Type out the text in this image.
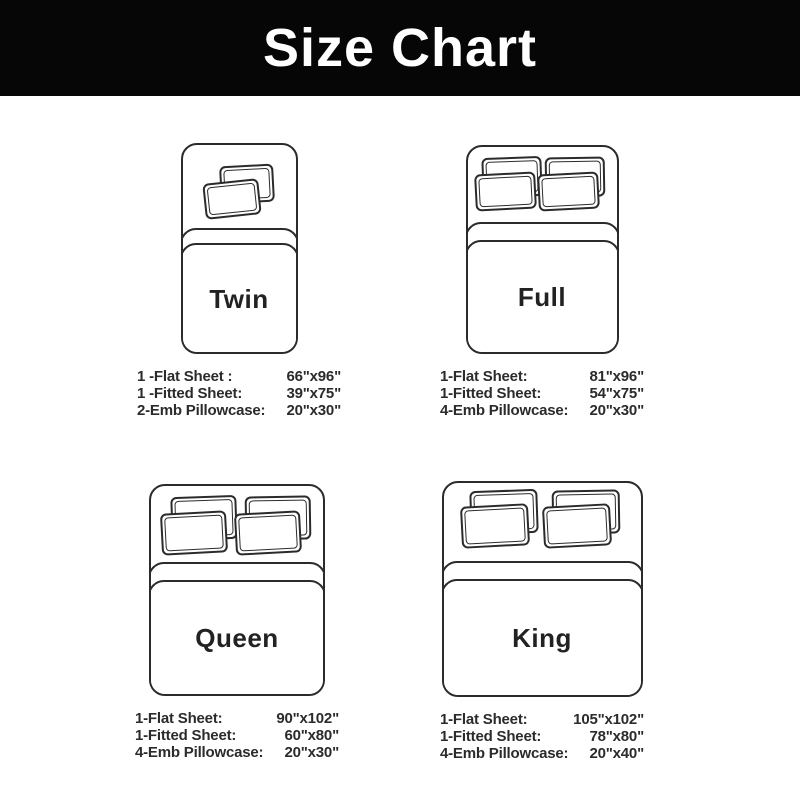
Size Chart
Twin
1 -Flat Sheet :	66"x96"
1 -Fitted Sheet:	39"x75"
2-Emb Pillowcase: 20"x30"
Full
1-Flat Sheet:	81"x96"
1-Fitted Sheet:	54"x75"
4-Emb Pillowcase: 20"x30"
Queen
1-Flat Sheet:	90"x102"
1-Fitted Sheet:	60"x80"
4-Emb Pillowcase: 20"x30"
King
1-Flat Sheet:	105"x102"
1-Fitted Sheet:	78"x80"
4-Emb Pillowcase: 20"x40"
